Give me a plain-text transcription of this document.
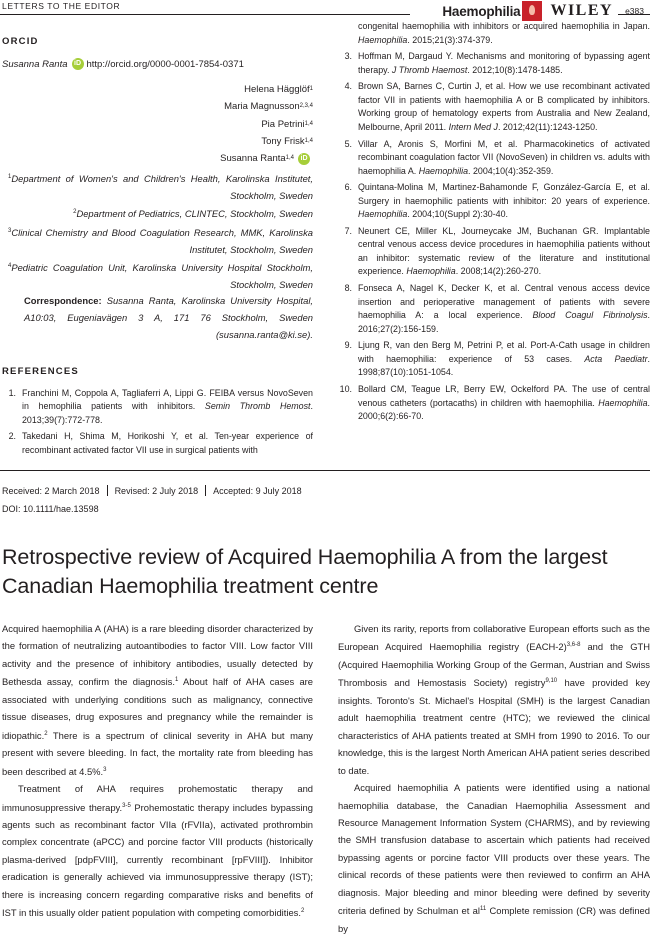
LETTERS TO THE EDITOR	Haemophilia WILEY e383
ORCID
Susanna Ranta iD http://orcid.org/0000-0001-7854-0371
Helena Hägglöf 1
Maria Magnusson 2,3,4
Pia Petrini 1,4
Tony Frisk 1,4
Susanna Ranta 1,4 iD

$^1$Department of Women's and Children's Health, Karolinska Institutet, Stockholm, Sweden

$^2$Department of Pediatrics, CLINTEC, Stockholm, Sweden

$^3$Clinical Chemistry and Blood Coagulation Research, MMK, Karolinska Institutet, Stockholm, Sweden

$^4$Pediatric Coagulation Unit, Karolinska University Hospital Stockholm, Stockholm, Sweden

Correspondence: Susanna Ranta, Karolinska University Hospital, A10:03, Eugeniavägen 3 A, 171 76 Stockholm, Sweden (susanna.ranta@ki.se).
REFERENCES
1. Franchini M, Coppola A, Tagliaferri A, Lippi G. FEIBA versus NovoSeven in hemophilia patients with inhibitors. Semin Thromb Hemost. 2013;39(7):772-778.
2. Takedani H, Shima M, Horikoshi Y, et al. Ten-year experience of recombinant activated factor VII use in surgical patients with
congenital haemophilia with inhibitors or acquired haemophilia in Japan. Haemophilia. 2015;21(3):374-379.
3. Hoffman M, Dargaud Y. Mechanisms and monitoring of bypassing agent therapy. J Thromb Haemost. 2012;10(8):1478-1485.
4. Brown SA, Barnes C, Curtin J, et al. How we use recombinant activated factor VII in patients with haemophilia A or B complicated by inhibitors. Working group of hematology experts from Australia and New Zealand, Melbourne, April 2011. Intern Med J. 2012;42(11):1243-1250.
5. Villar A, Aronis S, Morfini M, et al. Pharmacokinetics of activated recombinant coagulation factor VII (NovoSeven) in children vs. adults with haemophilia A. Haemophilia. 2004;10(4):352-359.
6. Quintana-Molina M, Martinez-Bahamonde F, González-García E, et al. Surgery in haemophilic patients with inhibitor: 20 years of experience. Haemophilia. 2004;10(Suppl 2):30-40.
7. Neunert CE, Miller KL, Journeycake JM, Buchanan GR. Implantable central venous access device procedures in haemophilia patients without an inhibitor: systematic review of the literature and institutional experience. Haemophilia. 2008;14(2):260-270.
8. Fonseca A, Nagel K, Decker K, et al. Central venous access device insertion and perioperative management of patients with severe haemophilia A: a local experience. Blood Coagul Fibrinolysis. 2016;27(2):156-159.
9. Ljung R, van den Berg M, Petrini P, et al. Port-A-Cath usage in children with haemophilia: experience of 53 cases. Acta Paediatr. 1998;87(10):1051-1054.
10. Bollard CM, Teague LR, Berry EW, Ockelford PA. The use of central venous catheters (portacaths) in children with haemophilia. Haemophilia. 2000;6(2):66-70.
Received: 2 March 2018 Revised: 2 July 2018 Accepted: 9 July 2018
DOI: 10.1111/hae.13598
Retrospective review of Acquired Haemophilia A from the largest Canadian Haemophilia treatment centre

Acquired haemophilia A (AHA) is a rare bleeding disorder characterized by the formation of neutralizing autoantibodies to factor VIII. Low factor VIII activity and the presence of inhibitory antibodies, usually detected by Bethesda assay, confirm the diagnosis.$^1$ About half of AHA cases are associated with underlying conditions such as malignancy, connective tissue diseases, drug exposures and pregnancy while the remainder is idiopathic.$^2$ There is a spectrum of clinical severity in AHA but many present with severe bleeding. In fact, the mortality rate from bleeding has been described at 4.5%.$^3$

Treatment of AHA requires prohemostatic therapy and immunosuppressive therapy.$^{3-5}$ Prohemostatic therapy includes bypassing agents such as recombinant factor VIIa (rFVIIa), activated prothrombin complex concentrate (aPCC) and porcine factor VIII products (historically plasma-derived [pdpFVIII], currently recombinant [rpFVIII]). Inhibitor eradication is generally achieved via immunosuppressive therapy (IST); there is increasing concern regarding comparative risks and benefits of IST in this usually older patient population with competing comorbidities.$^2$

Given its rarity, reports from collaborative European efforts such as the European Acquired Haemophilia registry (EACH-2)$^{3,6-8}$ and the GTH (Acquired Haemophilia Working Group of the German, Austrian and Swiss Thrombosis and Hemostasis Society) registry$^{9,10}$ have provided key insights. Toronto's St. Michael's Hospital (SMH) is the largest Canadian adult haemophilia treatment centre (HTC); we reviewed the clinical characteristics of AHA patients treated at SMH from 1990 to 2016. To our knowledge, this is the largest North American AHA patient series described to date.

Acquired haemophilia A patients were identified using a national haemophilia database, the Canadian Haemophilia Assessment and Resource Management Information System (CHARMS), and by reviewing the SMH transfusion database to ascertain which patients had received bypassing agents or porcine factor VIII products over these years. The clinical records of these patients were then reviewed to confirm an AHA diagnosis. Major bleeding and minor bleeding were defined by severity criteria defined by Schulman et $al^{11}$ Complete remission (CR) was defined by
